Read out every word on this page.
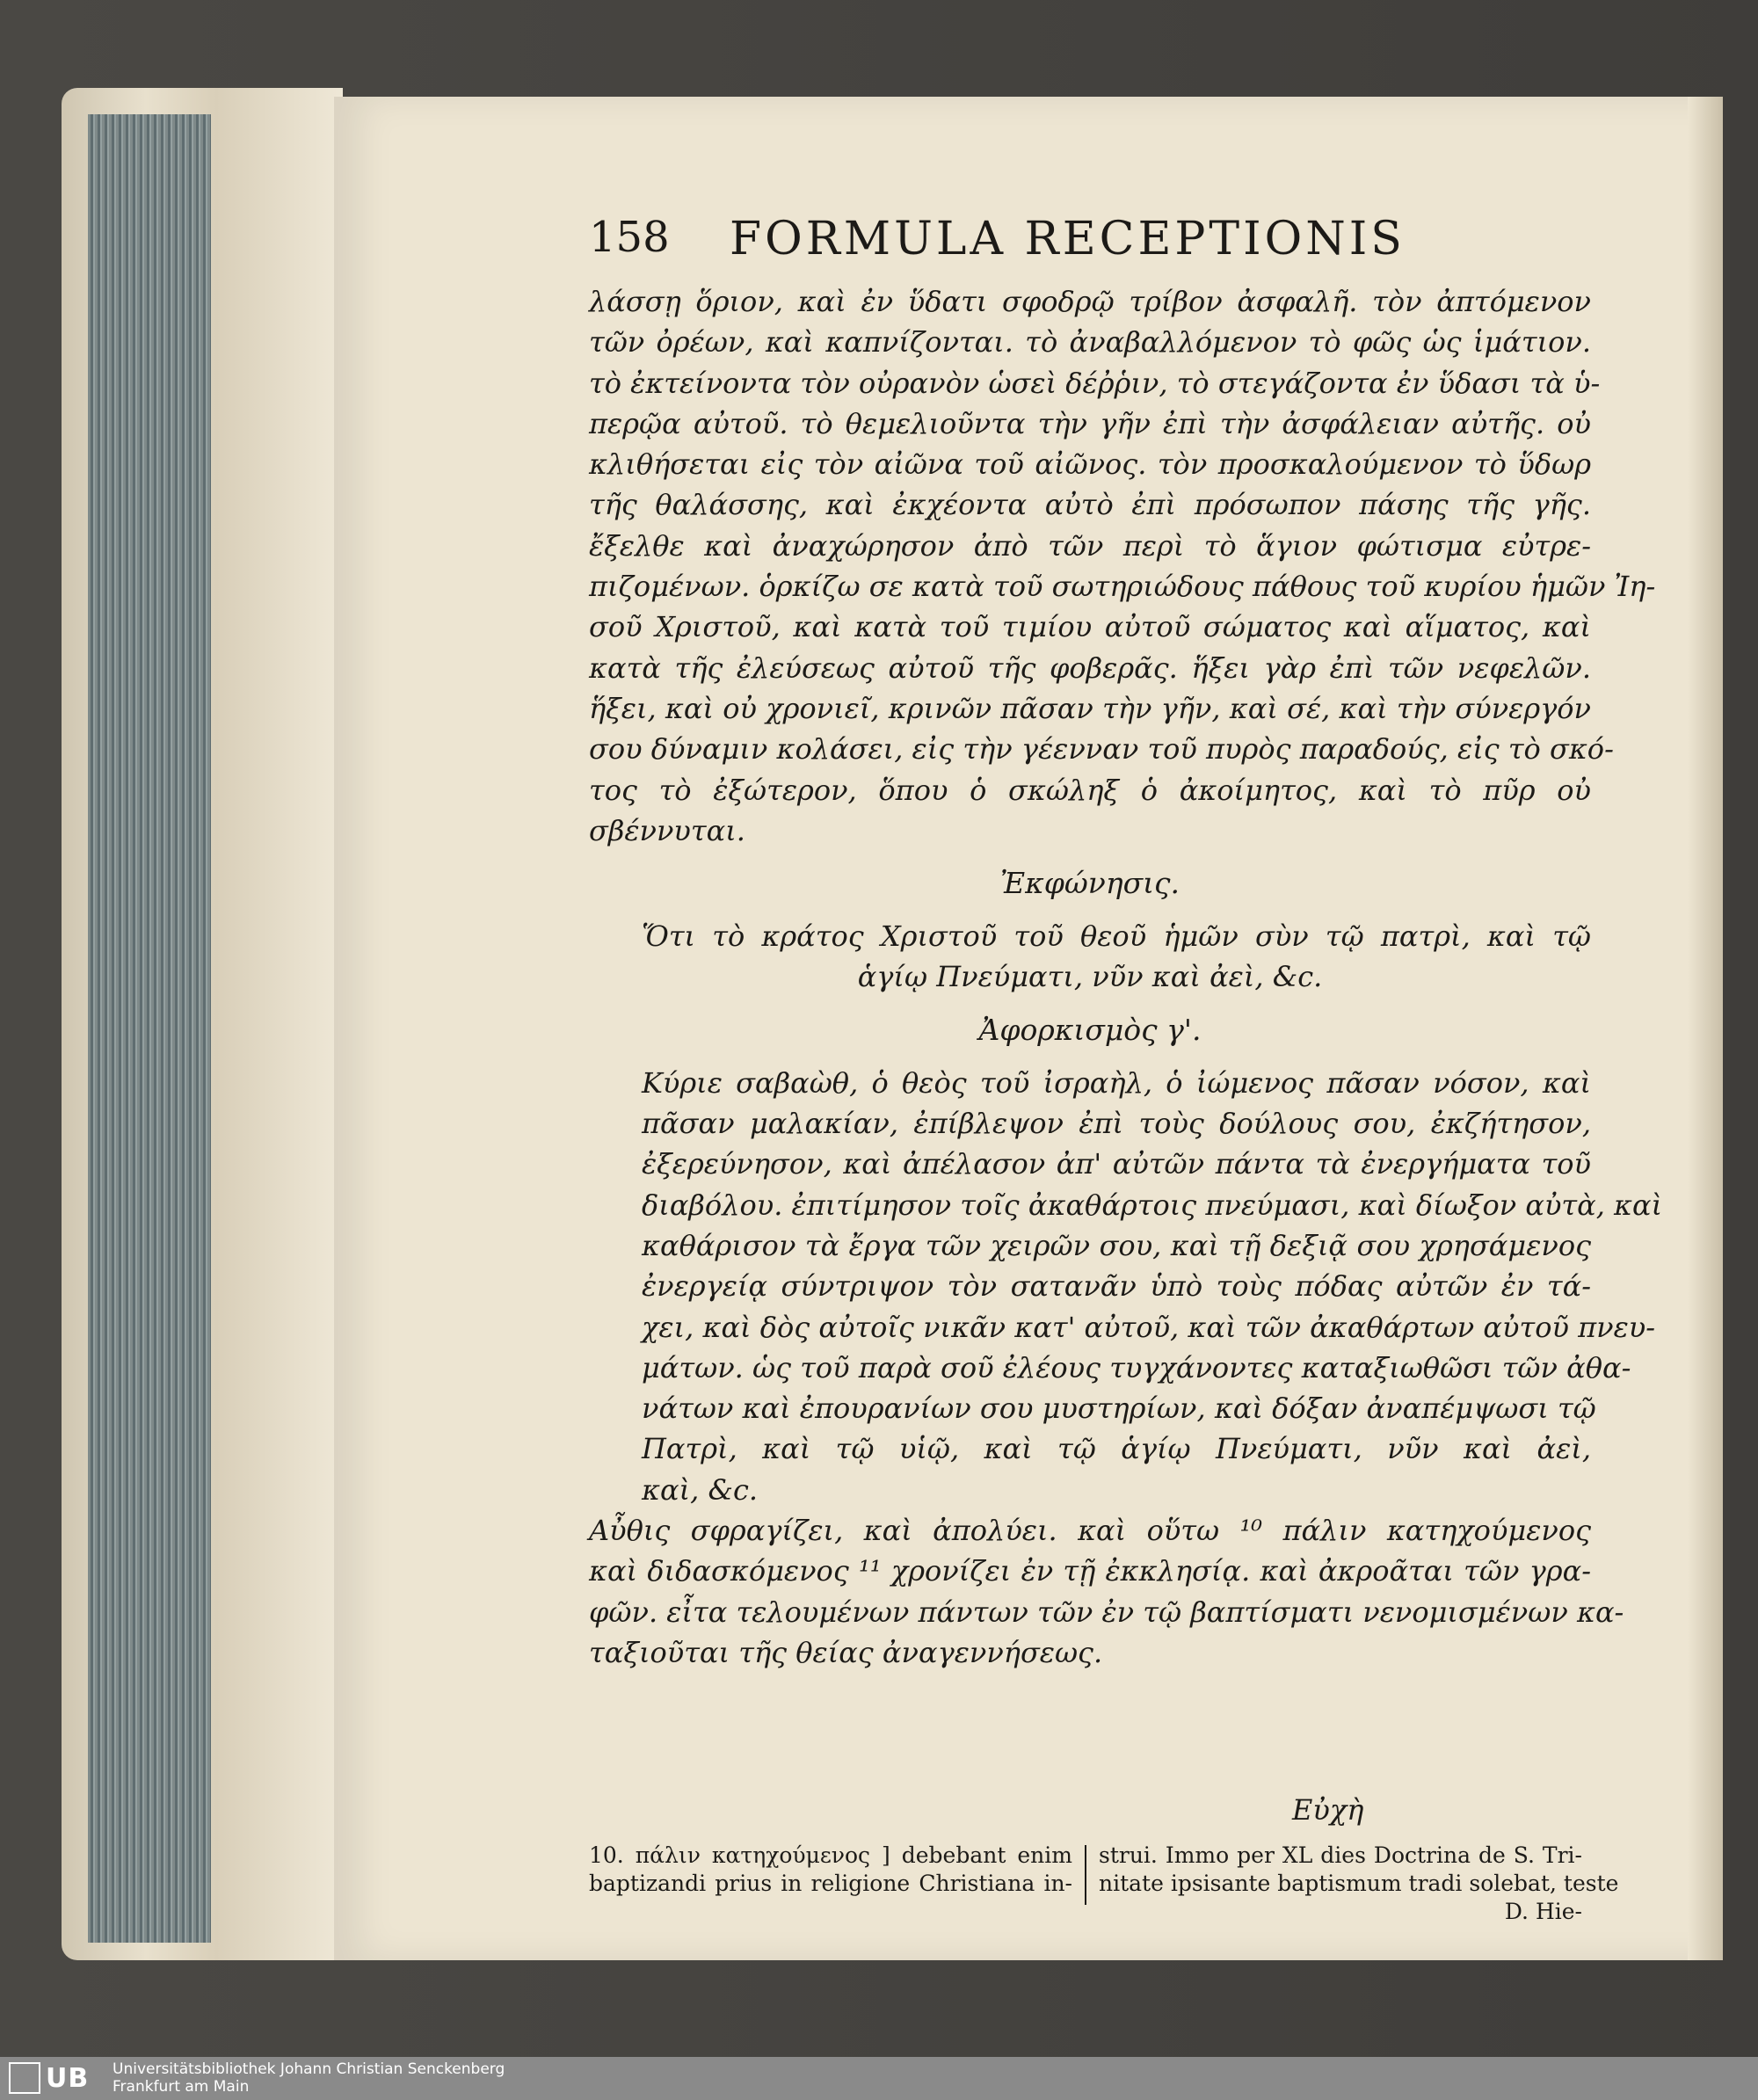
158 FORMULA RECEPTIONIS
λάσσῃ ὅριον, καὶ ἐν ὕδατι σφοδρῷ τρίβον ἀσφαλῆ. τὸν ἀπτόμενον
τῶν ὀρέων, καὶ καπνίζονται. τὸ ἀναβαλλόμενον τὸ φῶς ὡς ἱμάτιον.
τὸ ἐκτείνοντα τὸν οὐρανὸν ὡσεὶ δέῤῥιν, τὸ στεγάζοντα ἐν ὕδασι τὰ ὑ-
περῷα αὐτοῦ. τὸ θεμελιοῦντα τὴν γῆν ἐπὶ τὴν ἀσφάλειαν αὐτῆς. οὐ
κλιθήσεται εἰς τὸν αἰῶνα τοῦ αἰῶνος. τὸν προσκαλούμενον τὸ ὕδωρ
τῆς θαλάσσης, καὶ ἐκχέοντα αὐτὸ ἐπὶ πρόσωπον πάσης τῆς γῆς.
ἔξελθε καὶ ἀναχώρησον ἀπὸ τῶν περὶ τὸ ἅγιον φώτισμα εὐτρε-
πιζομένων. ὁρκίζω σε κατὰ τοῦ σωτηριώδους πάθους τοῦ κυρίου ἡμῶν Ἰη-
σοῦ Χριστοῦ, καὶ κατὰ τοῦ τιμίου αὐτοῦ σώματος καὶ αἵματος, καὶ
κατὰ τῆς ἐλεύσεως αὐτοῦ τῆς φοβερᾶς. ἥξει γὰρ ἐπὶ τῶν νεφελῶν.
ἥξει, καὶ οὐ χρονιεῖ, κρινῶν πᾶσαν τὴν γῆν, καὶ σέ, καὶ τὴν σύνεργόν
σου δύναμιν κολάσει, εἰς τὴν γέενναν τοῦ πυρὸς παραδούς, εἰς τὸ σκό-
τος τὸ ἐξώτερον, ὅπου ὁ σκώληξ ὁ ἀκοίμητος, καὶ τὸ πῦρ οὐ
σβέννυται.
Ἐκφώνησις.
Ὅτι τὸ κράτος Χριστοῦ τοῦ θεοῦ ἡμῶν σὺν τῷ πατρὶ, καὶ τῷ
ἁγίῳ Πνεύματι, νῦν καὶ ἀεὶ, &c.
Ἀφορκισμὸς γ'.
Κύριε σαβαὼθ, ὁ θεὸς τοῦ ἰσραὴλ, ὁ ἰώμενος πᾶσαν νόσον, καὶ
πᾶσαν μαλακίαν, ἐπίβλεψον ἐπὶ τοὺς δούλους σου, ἐκζήτησον,
ἐξερεύνησον, καὶ ἀπέλασον ἀπ' αὐτῶν πάντα τὰ ἐνεργήματα τοῦ
διαβόλου. ἐπιτίμησον τοῖς ἀκαθάρτοις πνεύμασι, καὶ δίωξον αὐτὰ, καὶ
καθάρισον τὰ ἔργα τῶν χειρῶν σου, καὶ τῇ δεξιᾷ σου χρησάμενος
ἐνεργείᾳ σύντριψον τὸν σατανᾶν ὑπὸ τοὺς πόδας αὐτῶν ἐν τά-
χει, καὶ δὸς αὐτοῖς νικᾶν κατ' αὐτοῦ, καὶ τῶν ἀκαθάρτων αὐτοῦ πνευ-
μάτων. ὡς τοῦ παρὰ σοῦ ἐλέους τυγχάνοντες καταξιωθῶσι τῶν ἀθα-
νάτων καὶ ἐπουρανίων σου μυστηρίων, καὶ δόξαν ἀναπέμψωσι τῷ
Πατρὶ, καὶ τῷ υἱῷ, καὶ τῷ ἁγίῳ Πνεύματι, νῦν καὶ ἀεὶ,
καὶ, &c.
Αὖθις σφραγίζει, καὶ ἀπολύει. καὶ οὕτω ¹⁰ πάλιν κατηχούμενος
καὶ διδασκόμενος ¹¹ χρονίζει ἐν τῇ ἐκκλησίᾳ. καὶ ἀκροᾶται τῶν γρα-
φῶν. εἶτα τελουμένων πάντων τῶν ἐν τῷ βαπτίσματι νενομισμένων κα-
ταξιοῦται τῆς θείας ἀναγεννήσεως.
Εὐχὴ
10. πάλιν κατηχούμενος ] debebant enim
baptizandi prius in religione Christiana in-
strui. Immo per XL dies Doctrina de S. Tri-
nitate ipsisante baptismum tradi solebat, teste
D. Hie-
UB Universitätsbibliothek Johann Christian Senckenberg
Frankfurt am Main
